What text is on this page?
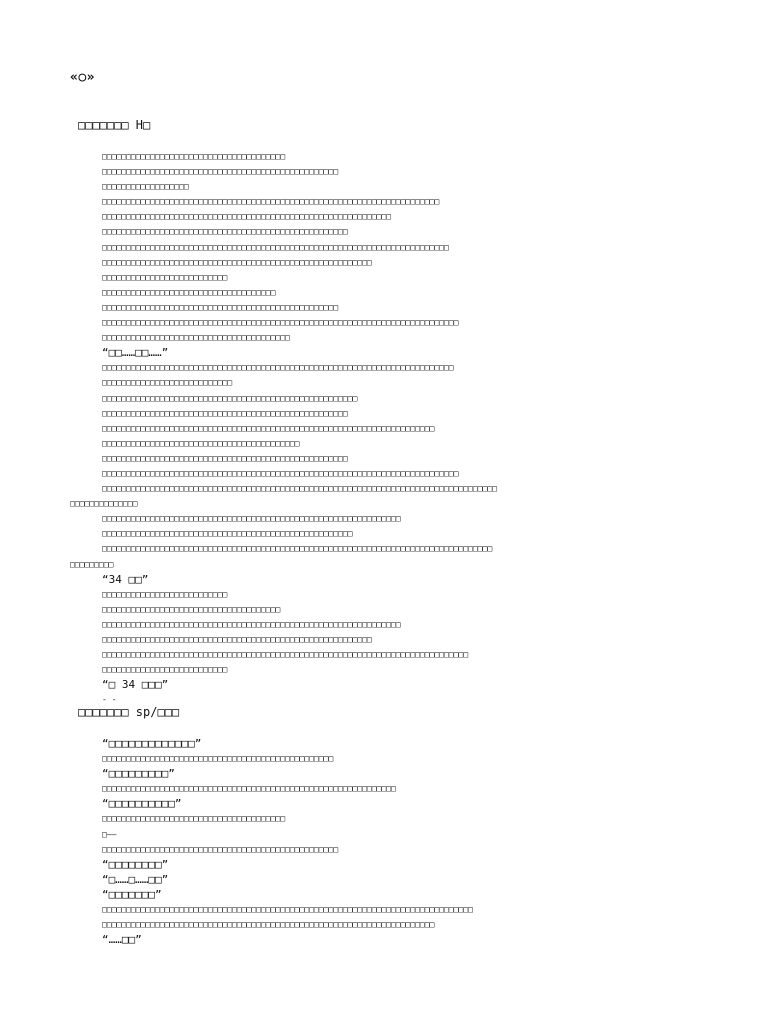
«○»
□□□□□□□ H□
□□□□□□□□□□□□□□□□□□□□□□□□□□□□□□□□□□□□□□
□□□□□□□□□□□□□□□□□□□□□□□□□□□□□□□□□□□□□□□□□□□□□□□□□
□□□□□□□□□□□□□□□□□□
□□□□□□□□□□□□□□□□□□□□□□□□□□□□□□□□□□□□□□□□□□□□□□□□□□□□□□□□□□□□□□□□□□□□□□
□□□□□□□□□□□□□□□□□□□□□□□□□□□□□□□□□□□□□□□□□□□□□□□□□□□□□□□□□□□□
□□□□□□□□□□□□□□□□□□□□□□□□□□□□□□□□□□□□□□□□□□□□□□□□□□□
□□□□□□□□□□□□□□□□□□□□□□□□□□□□□□□□□□□□□□□□□□□□□□□□□□□□□□□□□□□□□□□□□□□□□□□□
□□□□□□□□□□□□□□□□□□□□□□□□□□□□□□□□□□□□□□□□□□□□□□□□□□□□□□□□
□□□□□□□□□□□□□□□□□□□□□□□□□□
□□□□□□□□□□□□□□□□□□□□□□□□□□□□□□□□□□□□
□□□□□□□□□□□□□□□□□□□□□□□□□□□□□□□□□□□□□□□□□□□□□□□□□
□□□□□□□□□□□□□□□□□□□□□□□□□□□□□□□□□□□□□□□□□□□□□□□□□□□□□□□□□□□□□□□□□□□□□□□□□□
□□□□□□□□□□□□□□□□□□□□□□□□□□□□□□□□□□□□□□□
“□□……□□……”
□□□□□□□□□□□□□□□□□□□□□□□□□□□□□□□□□□□□□□□□□□□□□□□□□□□□□□□□□□□□□□□□□□□□□□□□□
□□□□□□□□□□□□□□□□□□□□□□□□□□□
□□□□□□□□□□□□□□□□□□□□□□□□□□□□□□□□□□□□□□□□□□□□□□□□□□□□□
□□□□□□□□□□□□□□□□□□□□□□□□□□□□□□□□□□□□□□□□□□□□□□□□□□□
□□□□□□□□□□□□□□□□□□□□□□□□□□□□□□□□□□□□□□□□□□□□□□□□□□□□□□□□□□□□□□□□□□□□□
□□□□□□□□□□□□□□□□□□□□□□□□□□□□□□□□□□□□□□□□□
□□□□□□□□□□□□□□□□□□□□□□□□□□□□□□□□□□□□□□□□□□□□□□□□□□□
□□□□□□□□□□□□□□□□□□□□□□□□□□□□□□□□□□□□□□□□□□□□□□□□□□□□□□□□□□□□□□□□□□□□□□□□□□
□□□□□□□□□□□□□□□□□□□□□□□□□□□□□□□□□□□□□□□□□□□□□□□□□□□□□□□□□□□□□□□□□□□□□□□□□□□□□□□□□□
□□□□□□□□□□□□□□
□□□□□□□□□□□□□□□□□□□□□□□□□□□□□□□□□□□□□□□□□□□□□□□□□□□□□□□□□□□□□□
□□□□□□□□□□□□□□□□□□□□□□□□□□□□□□□□□□□□□□□□□□□□□□□□□□□□
□□□□□□□□□□□□□□□□□□□□□□□□□□□□□□□□□□□□□□□□□□□□□□□□□□□□□□□□□□□□□□□□□□□□□□□□□□□□□□□□□
□□□□□□□□□
“34 □□”
□□□□□□□□□□□□□□□□□□□□□□□□□□
□□□□□□□□□□□□□□□□□□□□□□□□□□□□□□□□□□□□□
□□□□□□□□□□□□□□□□□□□□□□□□□□□□□□□□□□□□□□□□□□□□□□□□□□□□□□□□□□□□□□
□□□□□□□□□□□□□□□□□□□□□□□□□□□□□□□□□□□□□□□□□□□□□□□□□□□□□□□□
□□□□□□□□□□□□□□□□□□□□□□□□□□□□□□□□□□□□□□□□□□□□□□□□□□□□□□□□□□□□□□□□□□□□□□□□□□□□
□□□□□□□□□□□□□□□□□□□□□□□□□□
“□ 34 □□□”
- -
□□□□□□□ sp/□□□
“□□□□□□□□□□□□□”
□□□□□□□□□□□□□□□□□□□□□□□□□□□□□□□□□□□□□□□□□□□□□□□□
“□□□□□□□□□”
□□□□□□□□□□□□□□□□□□□□□□□□□□□□□□□□□□□□□□□□□□□□□□□□□□□□□□□□□□□□□
“□□□□□□□□□□”
□□□□□□□□□□□□□□□□□□□□□□□□□□□□□□□□□□□□□□
□——
□□□□□□□□□□□□□□□□□□□□□□□□□□□□□□□□□□□□□□□□□□□□□□□□□
“□□□□□□□□”
“□……□……□□”
“□□□□□□□”
□□□□□□□□□□□□□□□□□□□□□□□□□□□□□□□□□□□□□□□□□□□□□□□□□□□□□□□□□□□□□□□□□□□□□□□□□□□□□
□□□□□□□□□□□□□□□□□□□□□□□□□□□□□□□□□□□□□□□□□□□□□□□□□□□□□□□□□□□□□□□□□□□□□
“……□□”
